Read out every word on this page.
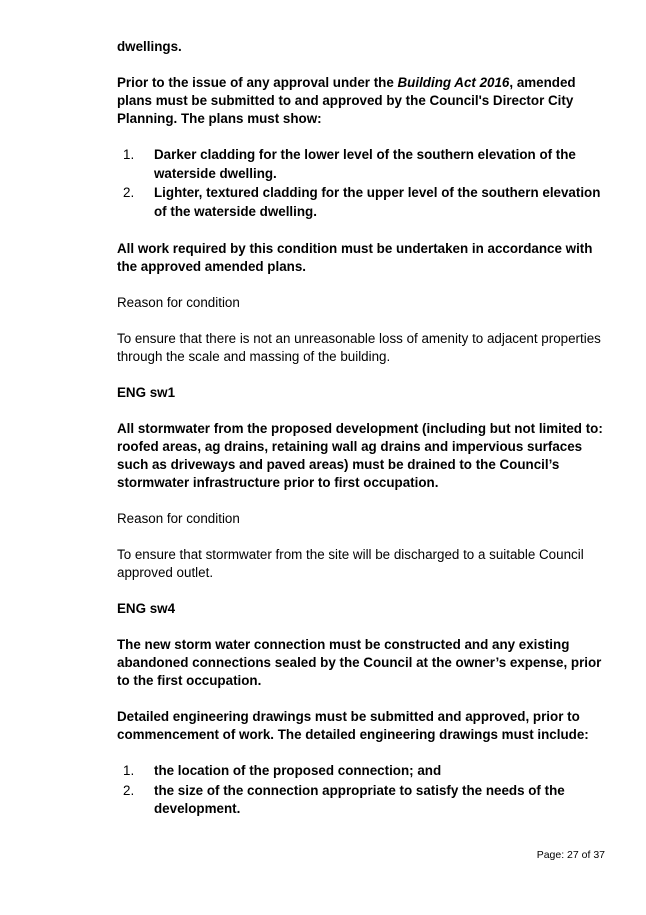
dwellings.

Prior to the issue of any approval under the Building Act 2016, amended plans must be submitted to and approved by the Council's Director City Planning. The plans must show:

1.	Darker cladding for the lower level of the southern elevation of the waterside dwelling.
2.	Lighter, textured cladding for the upper level of the southern elevation of the waterside dwelling.

All work required by this condition must be undertaken in accordance with the approved amended plans.

Reason for condition

To ensure that there is not an unreasonable loss of amenity to adjacent properties through the scale and massing of the building.

ENG sw1

All stormwater from the proposed development (including but not limited to: roofed areas, ag drains, retaining wall ag drains and impervious surfaces such as driveways and paved areas) must be drained to the Council’s stormwater infrastructure prior to first occupation.

Reason for condition

To ensure that stormwater from the site will be discharged to a suitable Council approved outlet.

ENG sw4

The new storm water connection must be constructed and any existing abandoned connections sealed by the Council at the owner’s expense, prior to the first occupation.

Detailed engineering drawings must be submitted and approved, prior to commencement of work. The detailed engineering drawings must include:

1.	the location of the proposed connection; and
2.	the size of the connection appropriate to satisfy the needs of the development.
Page: 27 of 37
